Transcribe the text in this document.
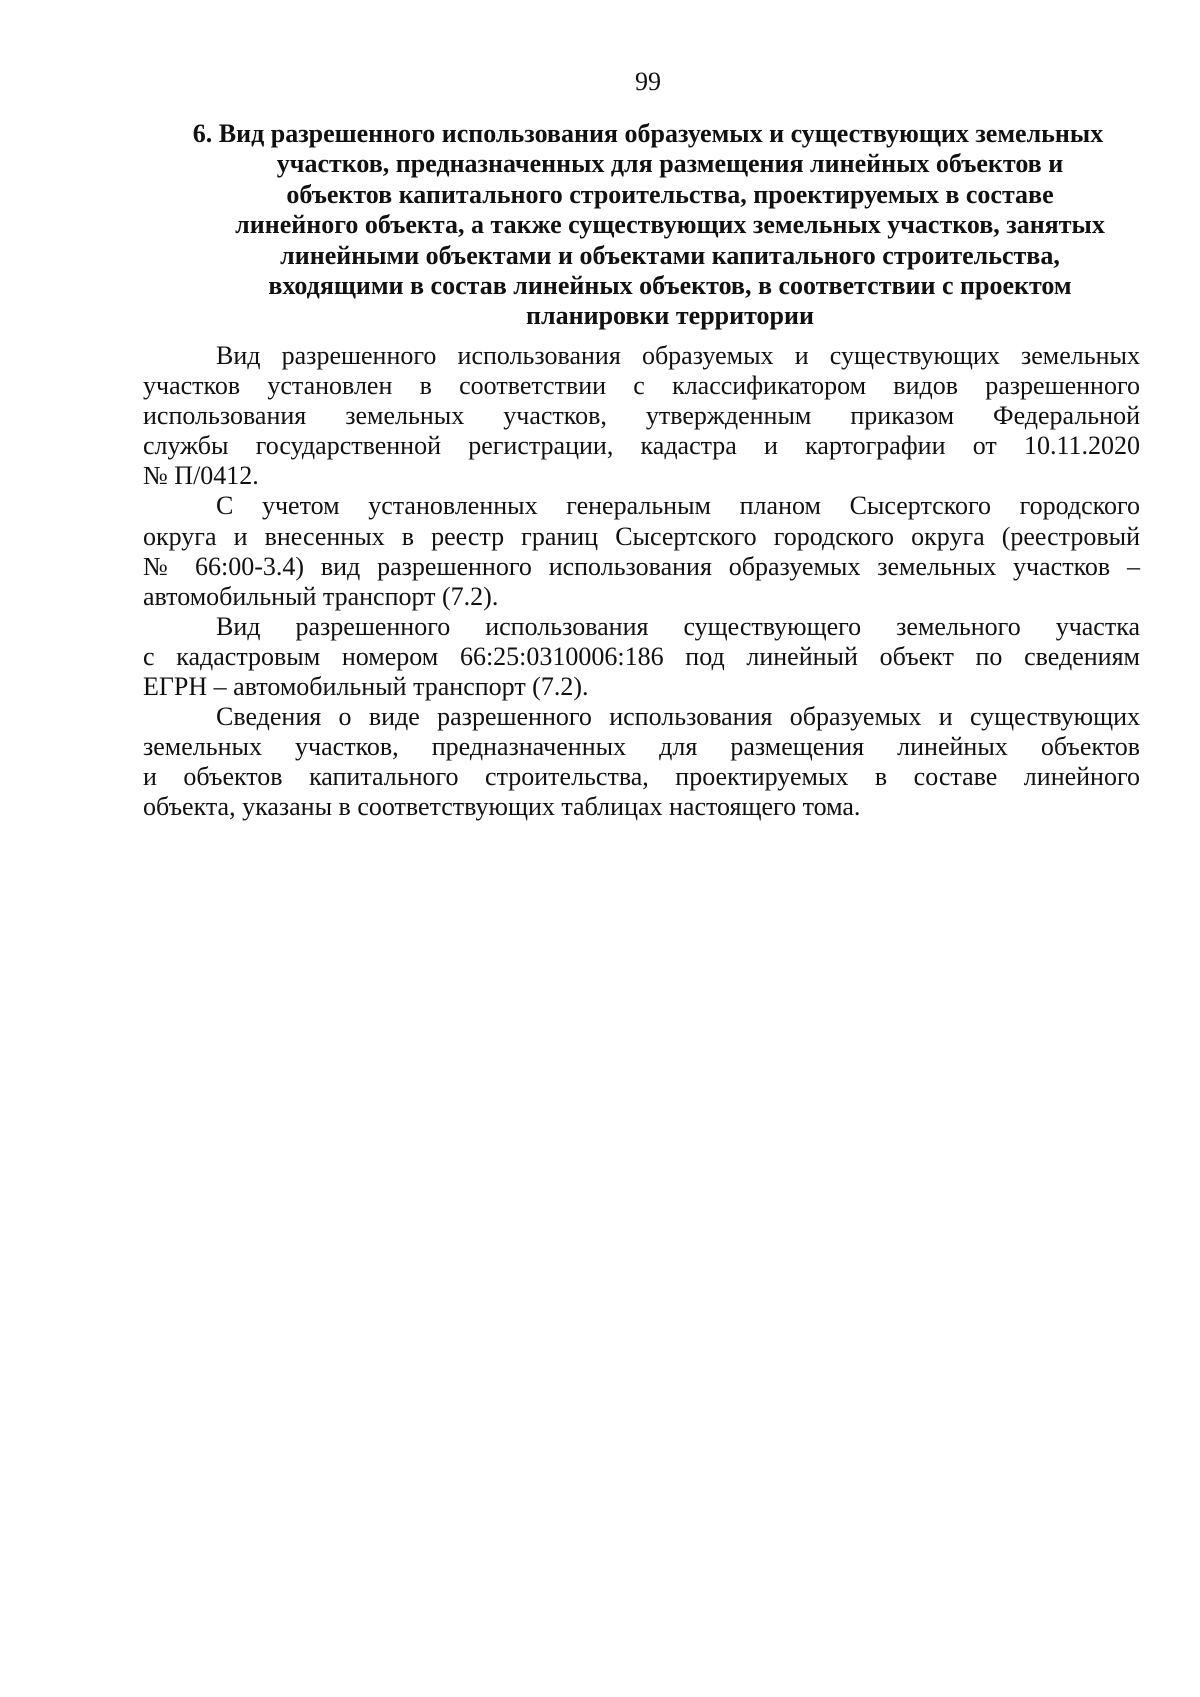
99
6. Вид разрешенного использования образуемых и существующих земельных
участков, предназначенных для размещения линейных объектов и
объектов капитального строительства, проектируемых в составе
линейного объекта, а также существующих земельных участков, занятых
линейными объектами и объектами капитального строительства,
входящими в состав линейных объектов, в соответствии с проектом
планировки территории
Вид разрешенного использования образуемых и существующих земельных
участков установлен в соответствии с классификатором видов разрешенного
использования земельных участков, утвержденным приказом Федеральной
службы государственной регистрации, кадастра и картографии от 10.11.2020
№ П/0412.
С учетом установленных генеральным планом Сысертского городского
округа и внесенных в реестр границ Сысертского городского округа (реестровый
№ 66:00-3.4) вид разрешенного использования образуемых земельных участков –
автомобильный транспорт (7.2).
Вид разрешенного использования существующего земельного участка
с кадастровым номером 66:25:0310006:186 под линейный объект по сведениям
ЕГРН – автомобильный транспорт (7.2).
Сведения о виде разрешенного использования образуемых и существующих
земельных участков, предназначенных для размещения линейных объектов
и объектов капитального строительства, проектируемых в составе линейного
объекта, указаны в соответствующих таблицах настоящего тома.
